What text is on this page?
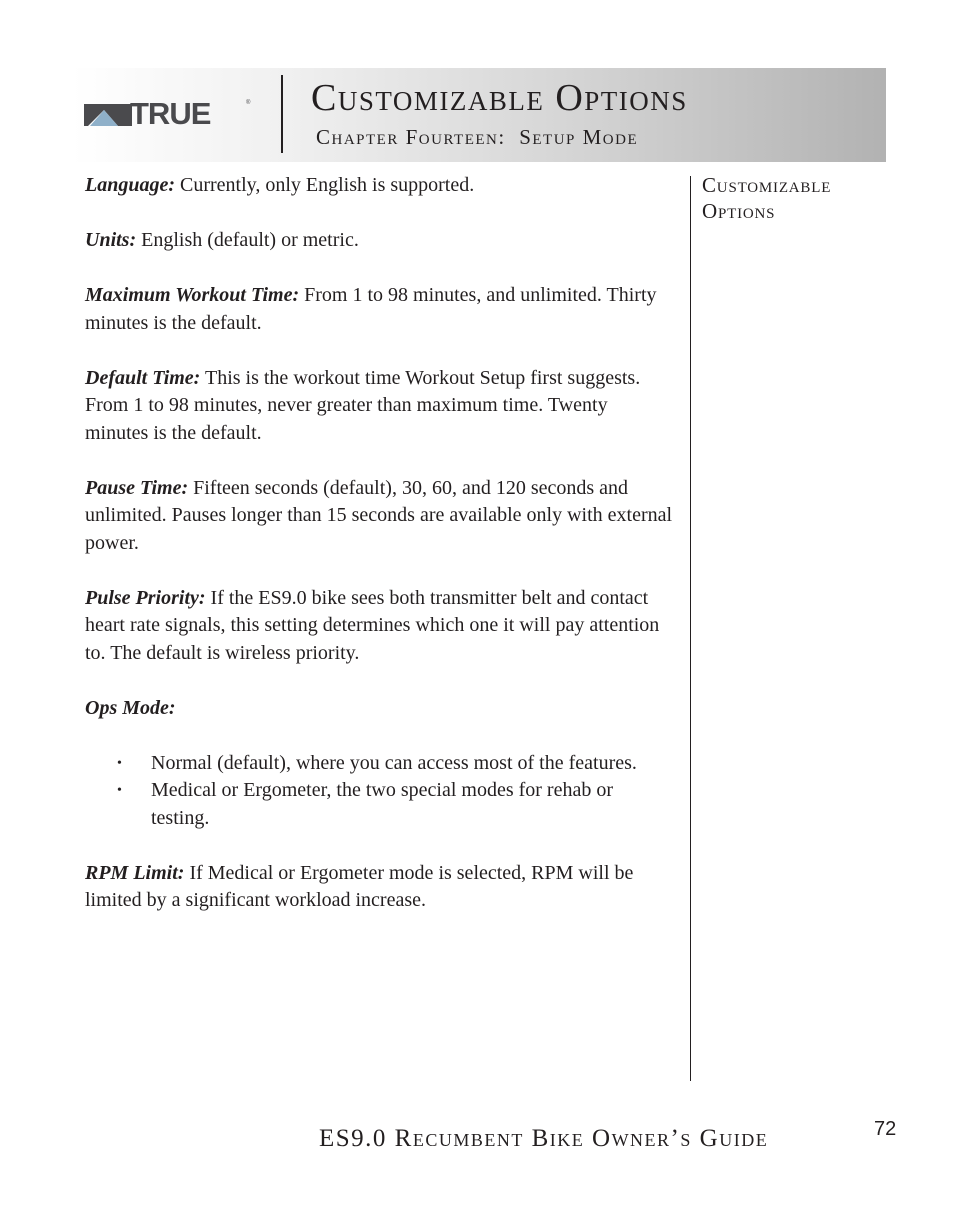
TRUE	® Customizable Options
Chapter Fourteen:  Setup Mode

Language: Currently, only English is supported.

Units: English (default) or metric.

Maximum Workout Time: From 1 to 98 minutes, and unlimited. Thirty minutes is the default.

Default Time: This is the workout time Workout Setup first suggests. From 1 to 98 minutes, never greater than maximum time. Twenty minutes is the default.

Pause Time: Fifteen seconds (default), 30, 60, and 120 seconds and unlimited. Pauses longer than 15 seconds are available only with external power.

Pulse Priority: If the ES9.0 bike sees both transmitter belt and contact heart rate signals, this setting determines which one it will pay attention to. The default is wireless priority.

Ops Mode:

• Normal (default), where you can access most of the features.
• Medical or Ergometer, the two special modes for rehab or testing.

RPM Limit: If Medical or Ergometer mode is selected, RPM will be limited by a significant workload increase.

Customizable Options
ES9.0 Recumbent Bike Owner’s Guide	72
